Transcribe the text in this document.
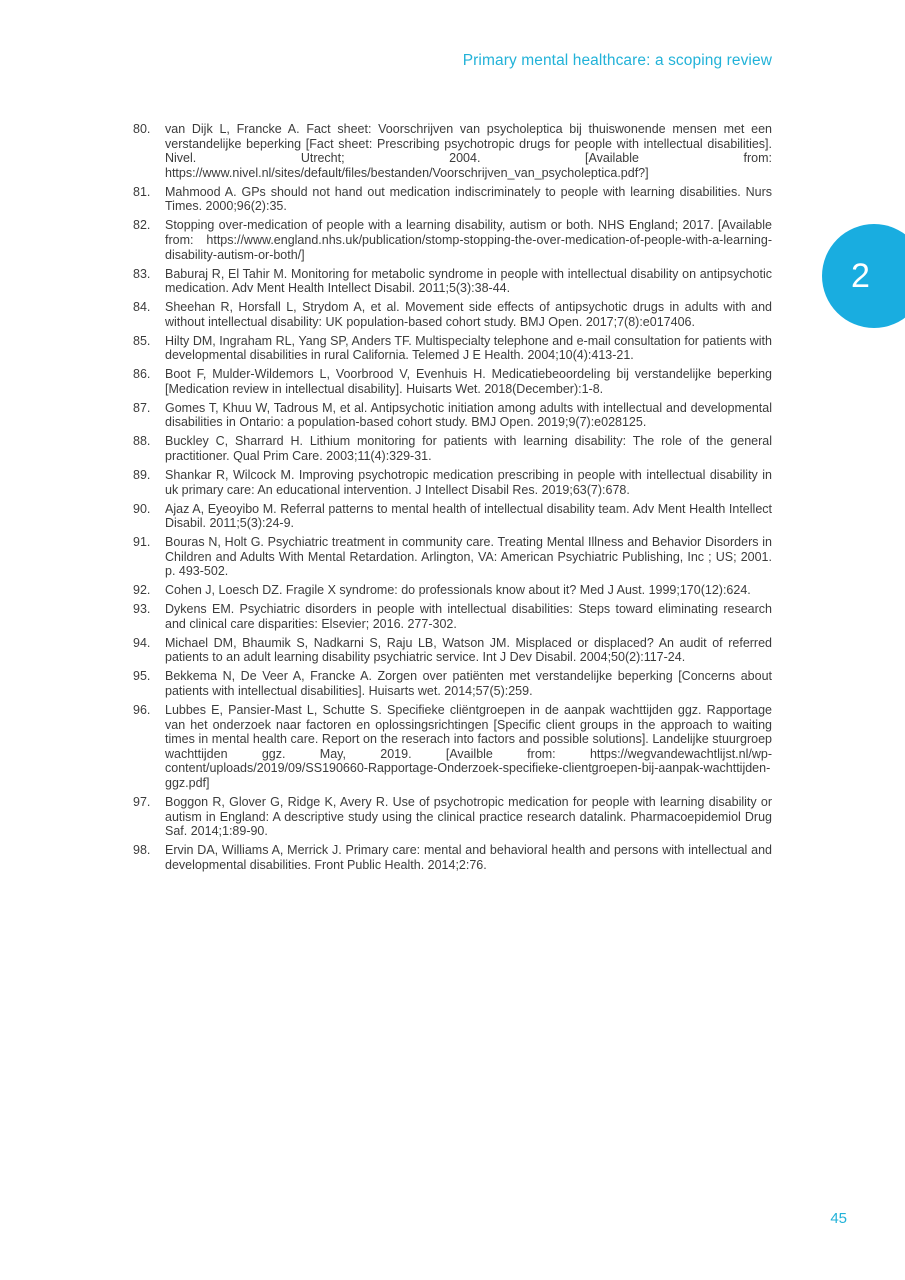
Primary mental healthcare: a scoping review
2
80.	van Dijk L, Francke A. Fact sheet: Voorschrijven van psycholeptica bij thuiswonende mensen met een verstandelijke beperking [Fact sheet: Prescribing psychotropic drugs for people with intellectual disabilities]. Nivel. Utrecht; 2004. [Available from: https://www.nivel.nl/sites/default/files/bestanden/Voorschrijven_van_psycholeptica.pdf?]
81.	Mahmood A. GPs should not hand out medication indiscriminately to people with learning disabilities. Nurs Times. 2000;96(2):35.
82.	Stopping over-medication of people with a learning disability, autism or both. NHS England; 2017. [Available from: https://www.england.nhs.uk/publication/stomp-stopping-the-over-medication-of-people-with-a-learning-disability-autism-or-both/]
83.	Baburaj R, El Tahir M. Monitoring for metabolic syndrome in people with intellectual disability on antipsychotic medication. Adv Ment Health Intellect Disabil. 2011;5(3):38-44.
84.	Sheehan R, Horsfall L, Strydom A, et al. Movement side effects of antipsychotic drugs in adults with and without intellectual disability: UK population-based cohort study. BMJ Open. 2017;7(8):e017406.
85.	Hilty DM, Ingraham RL, Yang SP, Anders TF. Multispecialty telephone and e-mail consultation for patients with developmental disabilities in rural California. Telemed J E Health. 2004;10(4):413-21.
86.	Boot F, Mulder-Wildemors L, Voorbrood V, Evenhuis H. Medicatiebeoordeling bij verstandelijke beperking [Medication review in intellectual disability]. Huisarts Wet. 2018(December):1-8.
87.	Gomes T, Khuu W, Tadrous M, et al. Antipsychotic initiation among adults with intellectual and developmental disabilities in Ontario: a population-based cohort study. BMJ Open. 2019;9(7):e028125.
88.	Buckley C, Sharrard H. Lithium monitoring for patients with learning disability: The role of the general practitioner. Qual Prim Care. 2003;11(4):329-31.
89.	Shankar R, Wilcock M. Improving psychotropic medication prescribing in people with intellectual disability in uk primary care: An educational intervention. J Intellect Disabil Res. 2019;63(7):678.
90.	Ajaz A, Eyeoyibo M. Referral patterns to mental health of intellectual disability team. Adv Ment Health Intellect Disabil. 2011;5(3):24-9.
91.	Bouras N, Holt G. Psychiatric treatment in community care. Treating Mental Illness and Behavior Disorders in Children and Adults With Mental Retardation. Arlington, VA: American Psychiatric Publishing, Inc ; US; 2001. p. 493-502.
92.	Cohen J, Loesch DZ. Fragile X syndrome: do professionals know about it? Med J Aust. 1999;170(12):624.
93.	Dykens EM. Psychiatric disorders in people with intellectual disabilities: Steps toward eliminating research and clinical care disparities: Elsevier; 2016. 277-302.
94.	Michael DM, Bhaumik S, Nadkarni S, Raju LB, Watson JM. Misplaced or displaced? An audit of referred patients to an adult learning disability psychiatric service. Int J Dev Disabil. 2004;50(2):117-24.
95.	Bekkema N, De Veer A, Francke A. Zorgen over patiënten met verstandelijke beperking [Concerns about patients with intellectual disabilities]. Huisarts wet. 2014;57(5):259.
96.	Lubbes E, Pansier-Mast L, Schutte S. Specifieke cliëntgroepen in de aanpak wachttijden ggz. Rapportage van het onderzoek naar factoren en oplossingsrichtingen [Specific client groups in the approach to waiting times in mental health care. Report on the reserach into factors and possible solutions]. Landelijke stuurgroep wachttijden ggz. May, 2019. [Availble from: https://wegvandewachtlijst.nl/wp-content/uploads/2019/09/SS190660-Rapportage-Onderzoek-specifieke-clientgroepen-bij-aanpak-wachttijden-ggz.pdf]
97.	Boggon R, Glover G, Ridge K, Avery R. Use of psychotropic medication for people with learning disability or autism in England: A descriptive study using the clinical practice research datalink. Pharmacoepidemiol Drug Saf. 2014;1:89-90.
98.	Ervin DA, Williams A, Merrick J. Primary care: mental and behavioral health and persons with intellectual and developmental disabilities. Front Public Health. 2014;2:76.
45
